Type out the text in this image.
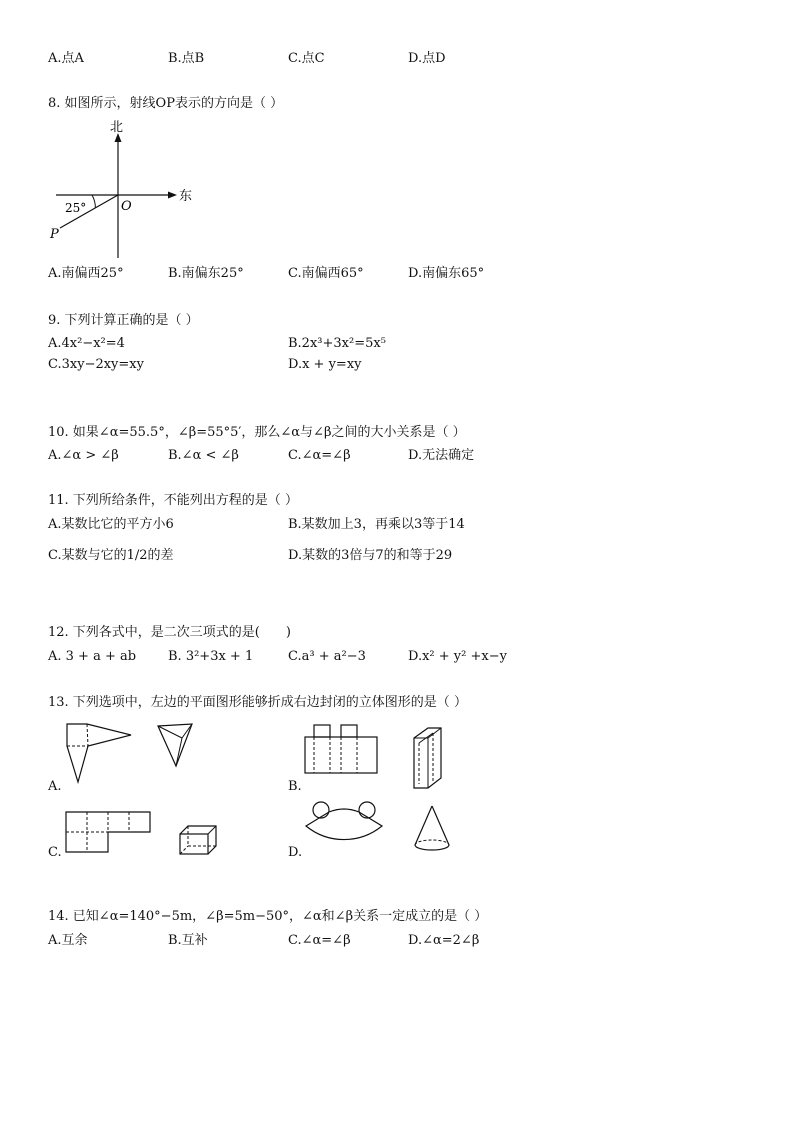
A.点A	B.点B	C.点C	D.点D
8. 如图所示，射线OP表示的方向是（ ）
北
东
O
P
25°
A.南偏西25°	B.南偏东25°	C.南偏西65°	D.南偏东65°
9. 下列计算正确的是（ ）
A.4x²−x²=4	B.2x³+3x²=5x⁵
C.3xy−2xy=xy	D.x + y=xy
10. 如果∠α=55.5°，∠β=55°5′，那么∠α与∠β之间的大小关系是（ ）
A.∠α > ∠β	B.∠α < ∠β	C.∠α=∠β	D.无法确定
11. 下列所给条件，不能列出方程的是（ ）
A.某数比它的平方小6	B.某数加上3，再乘以3等于14
C.某数与它的1/2的差	D.某数的3倍与7的和等于29
12. 下列各式中，是二次三项式的是(　　)
A. 3 + a + ab B. 3²+3x + 1	C.a³ + a²−3	D.x² + y² +x−y
13. 下列选项中，左边的平面图形能够折成右边封闭的立体图形的是（ ）
A.	B.
C.	D.
14. 已知∠α=140°−5m，∠β=5m−50°，∠α和∠β关系一定成立的是（ ）
A.互余	B.互补	C.∠α=∠β	D.∠α=2∠β
